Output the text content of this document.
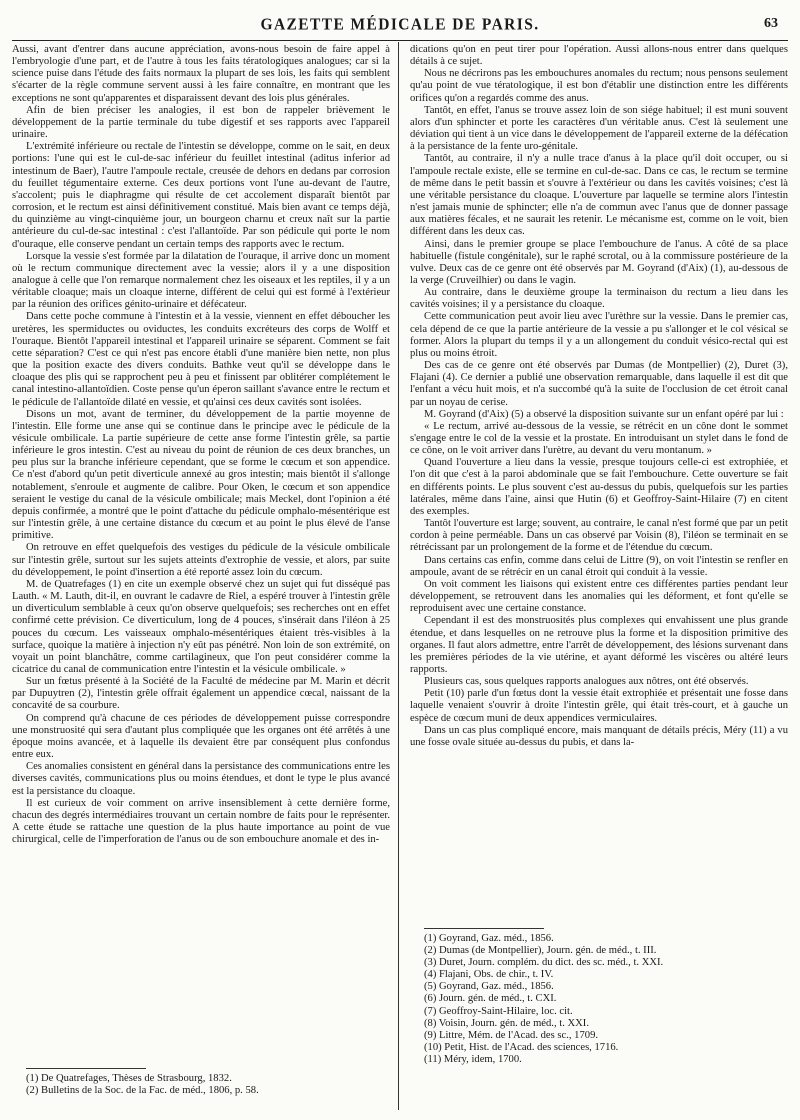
GAZETTE MÉDICALE DE PARIS.	63

Aussi, avant d'entrer dans aucune appréciation, avons-nous besoin de faire appel à l'embryologie d'une part, et de l'autre à tous les faits tératologiques analogues; car si la science puise dans l'étude des faits normaux la plupart de ses lois, les faits qui semblent s'écarter de la règle commune servent aussi à les faire connaître, en montrant que les exceptions ne sont qu'apparentes et disparaissent devant des lois plus générales.

Afin de bien préciser les analogies, il est bon de rappeler brièvement le développement de la partie terminale du tube digestif et ses rapports avec l'appareil urinaire.

L'extrémité inférieure ou rectale de l'intestin se développe, comme on le sait, en deux portions: l'une qui est le cul-de-sac inférieur du feuillet intestinal (aditus inferior ad intestinum de Baer), l'autre l'ampoule rectale, creusée de dehors en dedans par corrosion du feuillet tégumentaire externe. Ces deux portions vont l'une au-devant de l'autre, s'accolent; puis le diaphragme qui résulte de cet accolement disparaît bientôt par corrosion, et le rectum est ainsi définitivement constitué. Mais bien avant ce temps déjà, du quinzième au vingt-cinquième jour, un bourgeon charnu et creux naît sur la partie antérieure du cul-de-sac intestinal : c'est l'allantoïde. Par son pédicule qui porte le nom d'ouraque, elle conserve pendant un certain temps des rapports avec le rectum.

Lorsque la vessie s'est formée par la dilatation de l'ouraque, il arrive donc un moment où le rectum communique directement avec la vessie; alors il y a une disposition analogue à celle que l'on remarque normalement chez les oiseaux et les reptiles, il y a un véritable cloaque; mais un cloaque interne, différent de celui qui est formé à l'extérieur par la réunion des orifices génito-urinaire et défécateur.

Dans cette poche commune à l'intestin et à la vessie, viennent en effet déboucher les uretères, les spermiductes ou oviductes, les conduits excréteurs des corps de Wolff et l'ouraque. Bientôt l'appareil intestinal et l'appareil urinaire se séparent. Comment se fait cette séparation? C'est ce qui n'est pas encore établi d'une manière bien nette, non plus que la position exacte des divers conduits. Bathke veut qu'il se développe dans le cloaque des plis qui se rapprochent peu à peu et finissent par oblitérer complétement le canal intestino-allantoïdien. Coste pense qu'un éperon saillant s'avance entre le rectum et le pédicule de l'allantoïde dilaté en vessie, et qu'ainsi ces deux cavités sont isolées.

Disons un mot, avant de terminer, du développement de la partie moyenne de l'intestin. Elle forme une anse qui se continue dans le principe avec le pédicule de la vésicule ombilicale. La partie supérieure de cette anse forme l'intestin grêle, sa partie inférieure le gros intestin. C'est au niveau du point de réunion de ces deux branches, un peu plus sur la branche inférieure cependant, que se forme le cœcum et son appendice. Ce n'est d'abord qu'un petit diverticule annexé au gros intestin; mais bientôt il s'allonge notablement, s'enroule et augmente de calibre. Pour Oken, le cœcum et son appendice seraient le vestige du canal de la vésicule ombilicale; mais Meckel, dont l'opinion a été depuis confirmée, a montré que le point d'attache du pédicule omphalo-mésentérique est sur l'intestin grêle, à une certaine distance du cœcum et au point le plus élevé de l'anse primitive.

On retrouve en effet quelquefois des vestiges du pédicule de la vésicule ombilicale sur l'intestin grêle, surtout sur les sujets atteints d'extrophie de vessie, et alors, par suite du développement, le point d'insertion a été reporté assez loin du cœcum.

M. de Quatrefages (1) en cite un exemple observé chez un sujet qui fut disséqué pas Lauth. « M. Lauth, dit-il, en ouvrant le cadavre de Riel, a espéré trouver à l'intestin grêle un diverticulum semblable à ceux qu'on observe quelquefois; ses recherches ont en effet confirmé cette prévision. Ce diverticulum, long de 4 pouces, s'insérait dans l'iléon à 25 pouces du cœcum. Les vaisseaux omphalo-mésentériques étaient très-visibles à la surface, quoique la matière à injection n'y eût pas pénétré. Non loin de son extrémité, on voyait un point blanchâtre, comme cartilagineux, que l'on peut considérer comme la cicatrice du canal de communication entre l'intestin et la vésicule ombilicale. »

Sur un fœtus présenté à la Société de la Faculté de médecine par M. Marin et décrit par Dupuytren (2), l'intestin grêle offrait également un appendice cœcal, naissant de la concavité de sa courbure.

On comprend qu'à chacune de ces périodes de développement puisse correspondre une monstruosité qui sera d'autant plus compliquée que les organes ont été arrêtés à une époque moins avancée, et à laquelle ils devaient être par conséquent plus confondus entre eux.

Ces anomalies consistent en général dans la persistance des communications entre les diverses cavités, communications plus ou moins étendues, et dont le type le plus avancé est la persistance du cloaque.

Il est curieux de voir comment on arrive insensiblement à cette dernière forme, chacun des degrés intermédiaires trouvant un certain nombre de faits pour le représenter. A cette étude se rattache une question de la plus haute importance au point de vue chirurgical, celle de l'imperforation de l'anus ou de son embouchure anomale et des in-

dications qu'on en peut tirer pour l'opération. Aussi allons-nous entrer dans quelques détails à ce sujet.

Nous ne décrirons pas les embouchures anomales du rectum; nous pensons seulement qu'au point de vue tératologique, il est bon d'établir une distinction entre les différents orifices qu'on a regardés comme des anus.

Tantôt, en effet, l'anus se trouve assez loin de son siége habituel; il est muni souvent alors d'un sphincter et porte les caractères d'un véritable anus. C'est là seulement une déviation qui tient à un vice dans le développement de l'appareil externe de la défécation à la persistance de la fente uro-génitale.

Tantôt, au contraire, il n'y a nulle trace d'anus à la place qu'il doit occuper, ou si l'ampoule rectale existe, elle se termine en cul-de-sac. Dans ce cas, le rectum se termine de même dans le petit bassin et s'ouvre à l'extérieur ou dans les cavités voisines; c'est là une véritable persistance du cloaque. L'ouverture par laquelle se termine alors l'intestin n'est jamais munie de sphincter; elle n'a de commun avec l'anus que de donner passage aux matières fécales, et ne saurait les retenir. Le mécanisme est, comme on le voit, bien différent dans les deux cas.

Ainsi, dans le premier groupe se place l'embouchure de l'anus. A côté de sa place habituelle (fistule congénitale), sur le raphé scrotal, ou à la commissure postérieure de la vulve. Deux cas de ce genre ont été observés par M. Goyrand (d'Aix) (1), au-dessous de la verge (Cruveilhier) ou dans le vagin.

Au contraire, dans le deuxième groupe la terminaison du rectum a lieu dans les cavités voisines; il y a persistance du cloaque.

Cette communication peut avoir lieu avec l'urèthre sur la vessie. Dans le premier cas, cela dépend de ce que la partie antérieure de la vessie a pu s'allonger et le col vésical se former. Alors la plupart du temps il y a un allongement du conduit vésico-rectal qui est plus ou moins étroit.

Des cas de ce genre ont été observés par Dumas (de Montpellier) (2), Duret (3), Flajani (4). Ce dernier a publié une observation remarquable, dans laquelle il est dit que l'enfant a vécu huit mois, et n'a succombé qu'à la suite de l'occlusion de cet étroit canal par un noyau de cerise.

M. Goyrand (d'Aix) (5) a observé la disposition suivante sur un enfant opéré par lui :

« Le rectum, arrivé au-dessous de la vessie, se rétrécit en un cône dont le sommet s'engage entre le col de la vessie et la prostate. En introduisant un stylet dans le fond de ce cône, on le voit arriver dans l'urètre, au devant du veru montanum. »

Quand l'ouverture a lieu dans la vessie, presque toujours celle-ci est extrophiée, et l'on dit que c'est à la paroi abdominale que se fait l'embouchure. Cette ouverture se fait en différents points. Le plus souvent c'est au-dessus du pubis, quelquefois sur les parties latérales, même dans l'aine, ainsi que Hutin (6) et Geoffroy-Saint-Hilaire (7) en citent des exemples.

Tantôt l'ouverture est large; souvent, au contraire, le canal n'est formé que par un petit cordon à peine perméable. Dans un cas observé par Voisin (8), l'iléon se terminait en se rétrécissant par un prolongement de la forme et de l'étendue du cœcum.

Dans certains cas enfin, comme dans celui de Littre (9), on voit l'intestin se renfler en ampoule, avant de se rétrécir en un canal étroit qui conduit à la vessie.

On voit comment les liaisons qui existent entre ces différentes parties pendant leur développement, se retrouvent dans les anomalies qui les déforment, et font qu'elle se reproduisent avec une certaine constance.

Cependant il est des monstruosités plus complexes qui envahissent une plus grande étendue, et dans lesquelles on ne retrouve plus la forme et la disposition primitive des organes. Il faut alors admettre, entre l'arrêt de développement, des lésions survenant dans les premières périodes de la vie utérine, et ayant déformé les viscères ou altéré leurs rapports.

Plusieurs cas, sous quelques rapports analogues aux nôtres, ont été observés.

Petit (10) parle d'un fœtus dont la vessie était extrophiée et présentait une fosse dans laquelle venaient s'ouvrir à droite l'intestin grêle, qui était très-court, et à gauche un espèce de cœcum muni de deux appendices vermiculaires.

Dans un cas plus compliqué encore, mais manquant de détails précis, Méry (11) a vu une fosse ovale située au-dessus du pubis, et dans la-

(1) De Quatrefages, Thèses de Strasbourg, 1832.
(2) Bulletins de la Soc. de la Fac. de méd., 1806, p. 58.
(1) Goyrand, Gaz. méd., 1856.
(2) Dumas (de Montpellier), Journ. gén. de méd., t. III.
(3) Duret, Journ. complém. du dict. des sc. méd., t. XXI.
(4) Flajani, Obs. de chir., t. IV.
(5) Goyrand, Gaz. méd., 1856.
(6) Journ. gén. de méd., t. CXI.
(7) Geoffroy-Saint-Hilaire, loc. cit.
(8) Voisin, Journ. gén. de méd., t. XXI.
(9) Littre, Mém. de l'Acad. des sc., 1709.
(10) Petit, Hist. de l'Acad. des sciences, 1716.
(11) Méry, idem, 1700.
